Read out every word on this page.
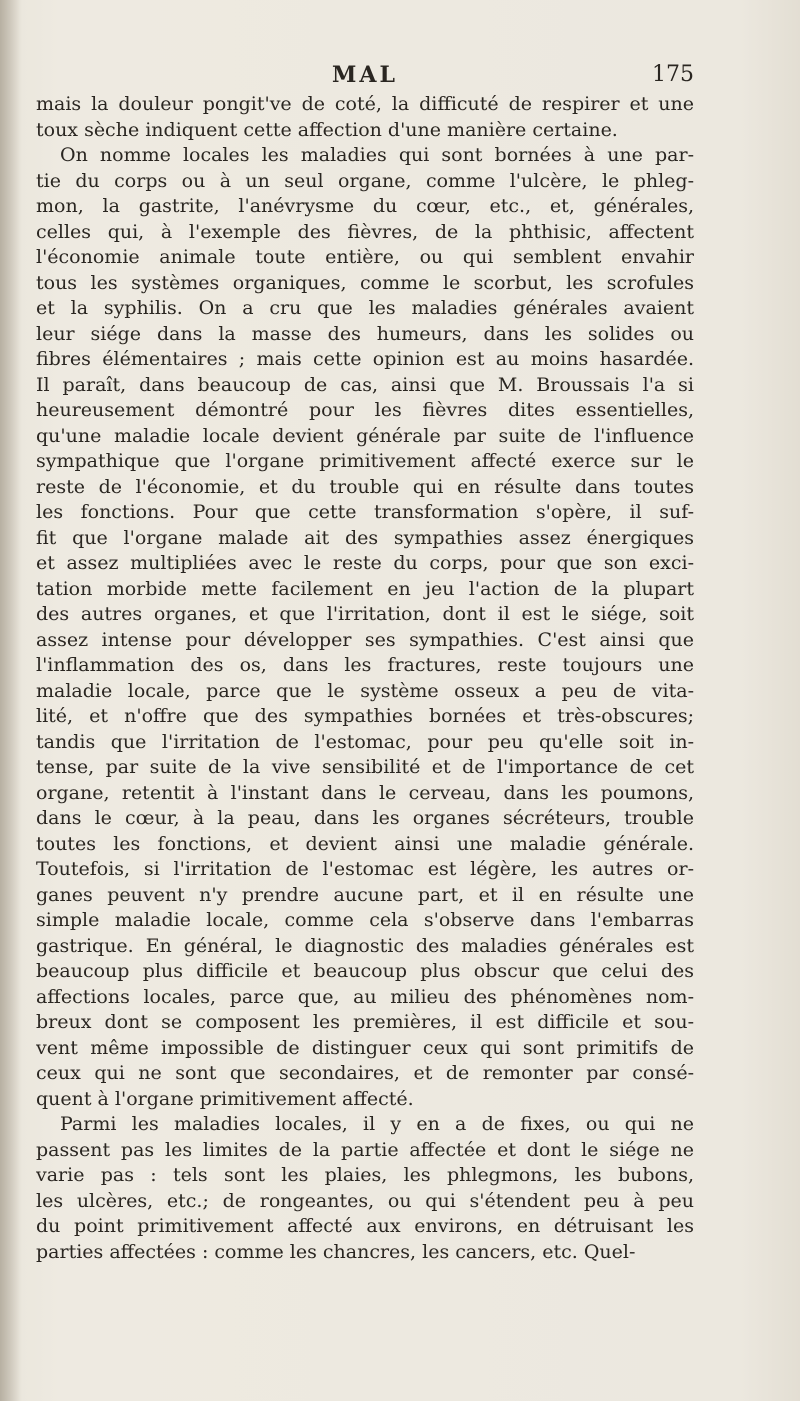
MAL	175
mais la douleur pongit've de coté, la difficuté de respirer et une
toux sèche indiquent cette affection d'une manière certaine.
On nomme locales les maladies qui sont bornées à une par-
tie du corps ou à un seul organe, comme l'ulcère, le phleg-
mon, la gastrite, l'anévrysme du cœur, etc., et, générales,
celles qui, à l'exemple des fièvres, de la phthisic, affectent
l'économie animale toute entière, ou qui semblent envahir
tous les systèmes organiques, comme le scorbut, les scrofules
et la syphilis. On a cru que les maladies générales avaient
leur siége dans la masse des humeurs, dans les solides ou
fibres élémentaires ; mais cette opinion est au moins hasardée.
Il paraît, dans beaucoup de cas, ainsi que M. Broussais l'a si
heureusement démontré pour les fièvres dites essentielles,
qu'une maladie locale devient générale par suite de l'influence
sympathique que l'organe primitivement affecté exerce sur le
reste de l'économie, et du trouble qui en résulte dans toutes
les fonctions. Pour que cette transformation s'opère, il suf-
fit que l'organe malade ait des sympathies assez énergiques
et assez multipliées avec le reste du corps, pour que son exci-
tation morbide mette facilement en jeu l'action de la plupart
des autres organes, et que l'irritation, dont il est le siége, soit
assez intense pour développer ses sympathies. C'est ainsi que
l'inflammation des os, dans les fractures, reste toujours une
maladie locale, parce que le système osseux a peu de vita-
lité, et n'offre que des sympathies bornées et très-obscures;
tandis que l'irritation de l'estomac, pour peu qu'elle soit in-
tense, par suite de la vive sensibilité et de l'importance de cet
organe, retentit à l'instant dans le cerveau, dans les poumons,
dans le cœur, à la peau, dans les organes sécréteurs, trouble
toutes les fonctions, et devient ainsi une maladie générale.
Toutefois, si l'irritation de l'estomac est légère, les autres or-
ganes peuvent n'y prendre aucune part, et il en résulte une
simple maladie locale, comme cela s'observe dans l'embarras
gastrique. En général, le diagnostic des maladies générales est
beaucoup plus difficile et beaucoup plus obscur que celui des
affections locales, parce que, au milieu des phénomènes nom-
breux dont se composent les premières, il est difficile et sou-
vent même impossible de distinguer ceux qui sont primitifs de
ceux qui ne sont que secondaires, et de remonter par consé-
quent à l'organe primitivement affecté.
Parmi les maladies locales, il y en a de fixes, ou qui ne
passent pas les limites de la partie affectée et dont le siége ne
varie pas : tels sont les plaies, les phlegmons, les bubons,
les ulcères, etc.; de rongeantes, ou qui s'étendent peu à peu
du point primitivement affecté aux environs, en détruisant les
parties affectées : comme les chancres, les cancers, etc. Quel-
